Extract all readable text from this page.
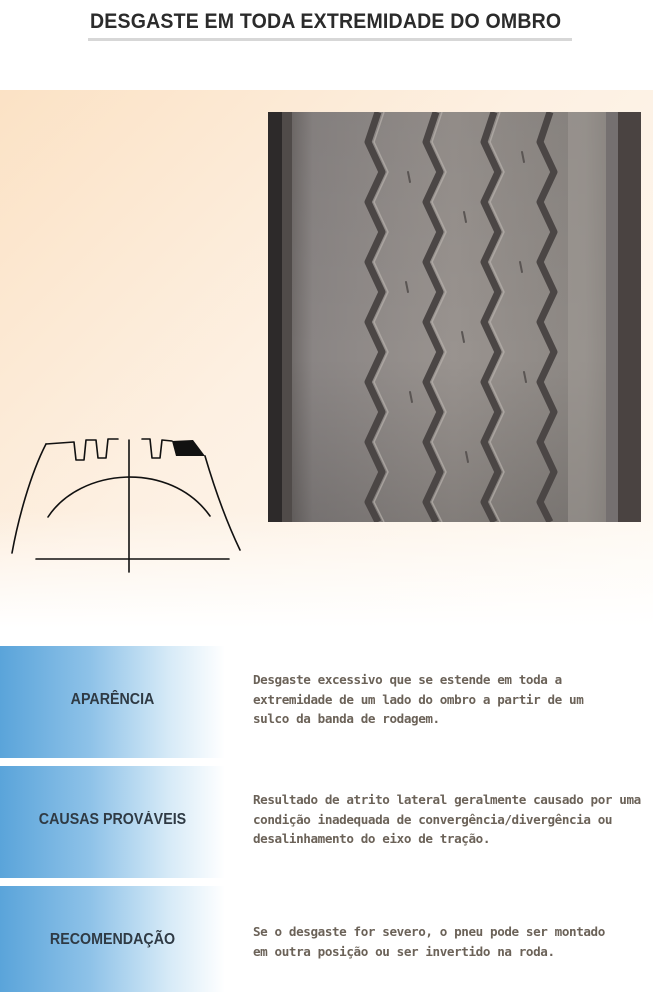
DESGASTE EM TODA EXTREMIDADE DO OMBRO
APARÊNCIA
Desgaste excessivo que se estende em toda a
extremidade de um lado do ombro a partir de um
sulco da banda de rodagem.
CAUSAS PROVÁVEIS
Resultado de atrito lateral geralmente causado por uma
condição inadequada de convergência/divergência ou
desalinhamento do eixo de tração.
RECOMENDAÇÃO	Se o desgaste for severo, o pneu pode ser montado
em outra posição ou ser invertido na roda.
